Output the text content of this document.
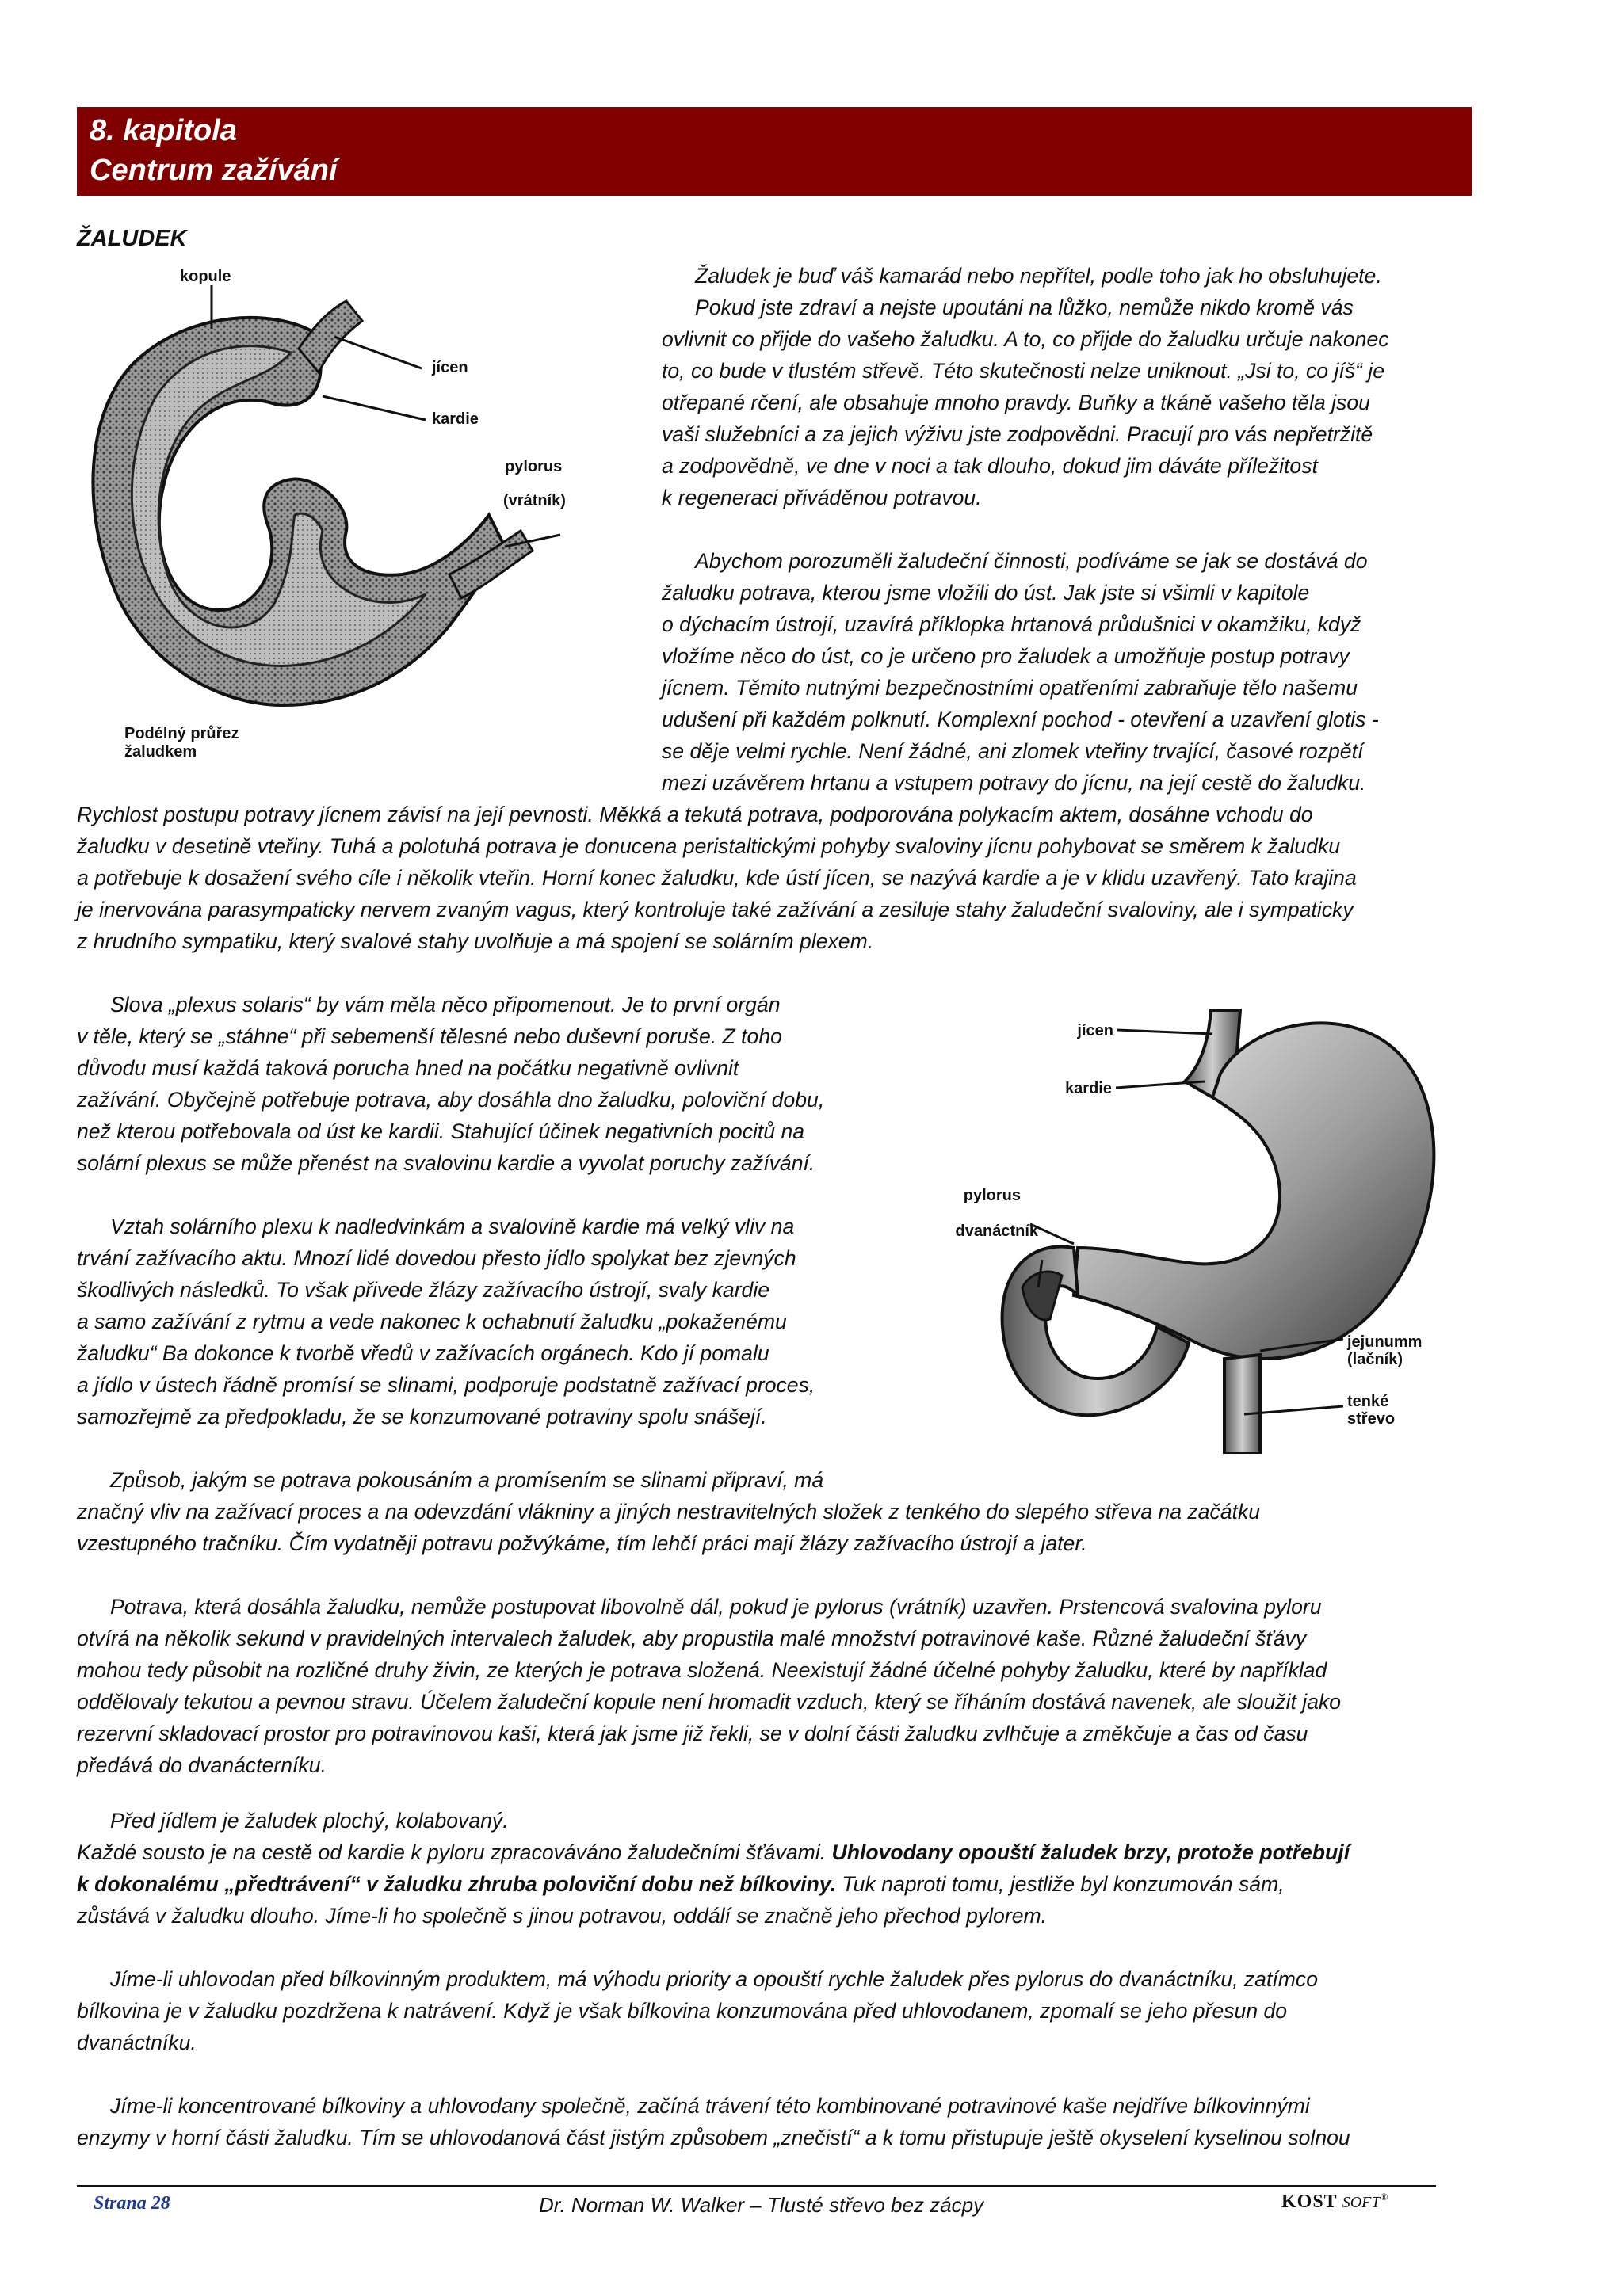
8. kapitola
Centrum zažívání
ŽALUDEK
kopule
jícen
kardie
pylorus
(vrátník)
Podélný průřez
žaludkem
Žaludek je buď váš kamarád nebo nepřítel, podle toho jak ho obsluhujete.
Pokud jste zdraví a nejste upoutáni na lůžko, nemůže nikdo kromě vás
ovlivnit co přijde do vašeho žaludku. A to, co přijde do žaludku určuje nakonec
to, co bude v tlustém střevě. Této skutečnosti nelze uniknout. „Jsi to, co jíš“ je
otřepané rčení, ale obsahuje mnoho pravdy. Buňky a tkáně vašeho těla jsou
vaši služebníci a za jejich výživu jste zodpovědni. Pracují pro vás nepřetržitě
a zodpovědně, ve dne v noci a tak dlouho, dokud jim dáváte příležitost
k regeneraci přiváděnou potravou.
Abychom porozuměli žaludeční činnosti, podíváme se jak se dostává do
žaludku potrava, kterou jsme vložili do úst. Jak jste si všimli v kapitole
o dýchacím ústrojí, uzavírá příklopka hrtanová průdušnici v okamžiku, když
vložíme něco do úst, co je určeno pro žaludek a umožňuje postup potravy
jícnem. Těmito nutnými bezpečnostními opatřeními zabraňuje tělo našemu
udušení při každém polknutí. Komplexní pochod - otevření a uzavření glotis -
se děje velmi rychle. Není žádné, ani zlomek vteřiny trvající, časové rozpětí
mezi uzávěrem hrtanu a vstupem potravy do jícnu, na její cestě do žaludku.
Rychlost postupu potravy jícnem závisí na její pevnosti. Měkká a tekutá potrava, podporována polykacím aktem, dosáhne vchodu do
žaludku v desetině vteřiny. Tuhá a polotuhá potrava je donucena peristaltickými pohyby svaloviny jícnu pohybovat se směrem k žaludku
a potřebuje k dosažení svého cíle i několik vteřin. Horní konec žaludku, kde ústí jícen, se nazývá kardie a je v klidu uzavřený. Tato krajina
je inervována parasympaticky nervem zvaným vagus, který kontroluje také zažívání a zesiluje stahy žaludeční svaloviny, ale i sympaticky
z hrudního sympatiku, který svalové stahy uvolňuje a má spojení se solárním plexem.
Slova „plexus solaris“ by vám měla něco připomenout. Je to první orgán
v těle, který se „stáhne“ při sebemenší tělesné nebo duševní poruše. Z toho
důvodu musí každá taková porucha hned na počátku negativně ovlivnit
zažívání. Obyčejně potřebuje potrava, aby dosáhla dno žaludku, poloviční dobu,
než kterou potřebovala od úst ke kardii. Stahující účinek negativních pocitů na
solární plexus se může přenést na svalovinu kardie a vyvolat poruchy zažívání.
Vztah solárního plexu k nadledvinkám a svalovině kardie má velký vliv na
trvání zažívacího aktu. Mnozí lidé dovedou přesto jídlo spolykat bez zjevných
škodlivých následků. To však přivede žlázy zažívacího ústrojí, svaly kardie
a samo zažívání z rytmu a vede nakonec k ochabnutí žaludku „pokaženému
žaludku“ Ba dokonce k tvorbě vředů v zažívacích orgánech. Kdo jí pomalu
a jídlo v ústech řádně promísí se slinami, podporuje podstatně zažívací proces,
samozřejmě za předpokladu, že se konzumované potraviny spolu snášejí.
jícen
kardie
pylorus
dvanáctník
jejunumm
(lačník)
tenké
střevo
Způsob, jakým se potrava pokousáním a promísením se slinami připraví, má
značný vliv na zažívací proces a na odevzdání vlákniny a jiných nestravitelných složek z tenkého do slepého střeva na začátku
vzestupného tračníku. Čím vydatněji potravu požvýkáme, tím lehčí práci mají žlázy zažívacího ústrojí a jater.
Potrava, která dosáhla žaludku, nemůže postupovat libovolně dál, pokud je pylorus (vrátník) uzavřen. Prstencová svalovina pyloru
otvírá na několik sekund v pravidelných intervalech žaludek, aby propustila malé množství potravinové kaše. Různé žaludeční šťávy
mohou tedy působit na rozličné druhy živin, ze kterých je potrava složená. Neexistují žádné účelné pohyby žaludku, které by například
oddělovaly tekutou a pevnou stravu. Účelem žaludeční kopule není hromadit vzduch, který se říháním dostává navenek, ale sloužit jako
rezervní skladovací prostor pro potravinovou kaši, která jak jsme již řekli, se v dolní části žaludku zvlhčuje a změkčuje a čas od času
předává do dvanácterníku.
Před jídlem je žaludek plochý, kolabovaný.
Každé sousto je na cestě od kardie k pyloru zpracováváno žaludečními šťávami. Uhlovodany opouští žaludek brzy, protože potřebují
k dokonalému „předtrávení“ v žaludku zhruba poloviční dobu než bílkoviny. Tuk naproti tomu, jestliže byl konzumován sám,
zůstává v žaludku dlouho. Jíme-li ho společně s jinou potravou, oddálí se značně jeho přechod pylorem.
Jíme-li uhlovodan před bílkovinným produktem, má výhodu priority a opouští rychle žaludek přes pylorus do dvanáctníku, zatímco
bílkovina je v žaludku pozdržena k natrávení. Když je však bílkovina konzumována před uhlovodanem, zpomalí se jeho přesun do
dvanáctníku.
Jíme-li koncentrované bílkoviny a uhlovodany společně, začíná trávení této kombinované potravinové kaše nejdříve bílkovinnými
enzymy v horní části žaludku. Tím se uhlovodanová část jistým způsobem „znečistí“ a k tomu přistupuje ještě okyselení kyselinou solnou
Strana 28	Dr. Norman W. Walker – Tlusté střevo bez zácpy	KOST SOFT®
